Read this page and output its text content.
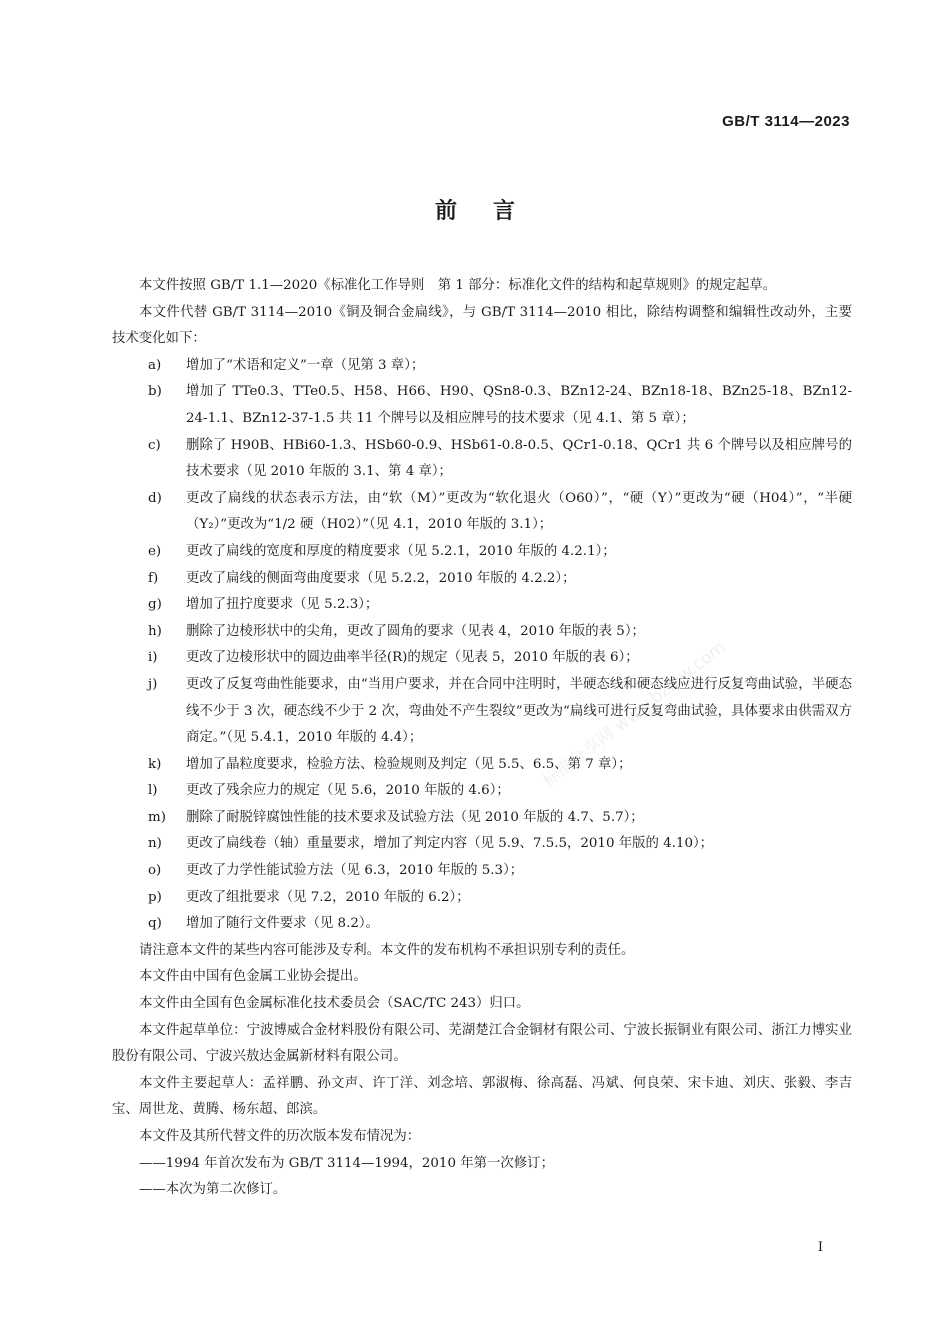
GB/T 3114—2023
前言

本文件按照 GB/T 1.1—2020《标准化工作导则　第 1 部分：标准化文件的结构和起草规则》的规定起草。

本文件代替 GB/T 3114—2010《铜及铜合金扁线》，与 GB/T 3114—2010 相比，除结构调整和编辑性改动外，主要技术变化如下：

a)	增加了“术语和定义”一章（见第 3 章）；
b)	增加了 TTe0.3、TTe0.5、H58、H66、H90、QSn8-0.3、BZn12-24、BZn18-18、BZn25-18、BZn12-24-1.1、BZn12-37-1.5 共 11 个牌号以及相应牌号的技术要求（见 4.1、第 5 章）；
c)	删除了 H90B、HBi60-1.3、HSb60-0.9、HSb61-0.8-0.5、QCr1-0.18、QCr1 共 6 个牌号以及相应牌号的技术要求（见 2010 年版的 3.1、第 4 章）；
d)	更改了扁线的状态表示方法，由“软（M）”更改为“软化退火（O60）”，“硬（Y）”更改为“硬（H04）”，“半硬（Y₂）”更改为“1/2 硬（H02）”（见 4.1，2010 年版的 3.1）；
e)	更改了扁线的宽度和厚度的精度要求（见 5.2.1，2010 年版的 4.2.1）；
f)	更改了扁线的侧面弯曲度要求（见 5.2.2，2010 年版的 4.2.2）；
g)	增加了扭拧度要求（见 5.2.3）；
h)	删除了边棱形状中的尖角，更改了圆角的要求（见表 4，2010 年版的表 5）；
i)	更改了边棱形状中的圆边曲率半径(R)的规定（见表 5，2010 年版的表 6）；
j)	更改了反复弯曲性能要求，由“当用户要求，并在合同中注明时，半硬态线和硬态线应进行反复弯曲试验，半硬态线不少于 3 次，硬态线不少于 2 次，弯曲处不产生裂纹”更改为“扁线可进行反复弯曲试验，具体要求由供需双方商定。”（见 5.4.1，2010 年版的 4.4）；
k)	增加了晶粒度要求，检验方法、检验规则及判定（见 5.5、6.5、第 7 章）；
l)	更改了残余应力的规定（见 5.6，2010 年版的 4.6）；
m)	删除了耐脱锌腐蚀性能的技术要求及试验方法（见 2010 年版的 4.7、5.7）；
n)	更改了扁线卷（轴）重量要求，增加了判定内容（见 5.9、7.5.5，2010 年版的 4.10）；
o)	更改了力学性能试验方法（见 6.3，2010 年版的 5.3）；
p)	更改了组批要求（见 7.2，2010 年版的 6.2）；
q)	增加了随行文件要求（见 8.2）。

请注意本文件的某些内容可能涉及专利。本文件的发布机构不承担识别专利的责任。

本文件由中国有色金属工业协会提出。

本文件由全国有色金属标准化技术委员会（SAC/TC 243）归口。

本文件起草单位：宁波博威合金材料股份有限公司、芜湖楚江合金铜材有限公司、宁波长振铜业有限公司、浙江力博实业股份有限公司、宁波兴敖达金属新材料有限公司。

本文件主要起草人：孟祥鹏、孙文声、许丁洋、刘念培、郭淑梅、徐高磊、冯斌、何良荣、宋卡迪、刘庆、张毅、李吉宝、周世龙、黄腾、杨东超、郎滨。

本文件及其所代替文件的历次版本发布情况为：

——1994 年首次发布为 GB/T 3114—1994，2010 年第一次修订；

——本次为第二次修订。

标准分享网 www.bzfxw.com
I
